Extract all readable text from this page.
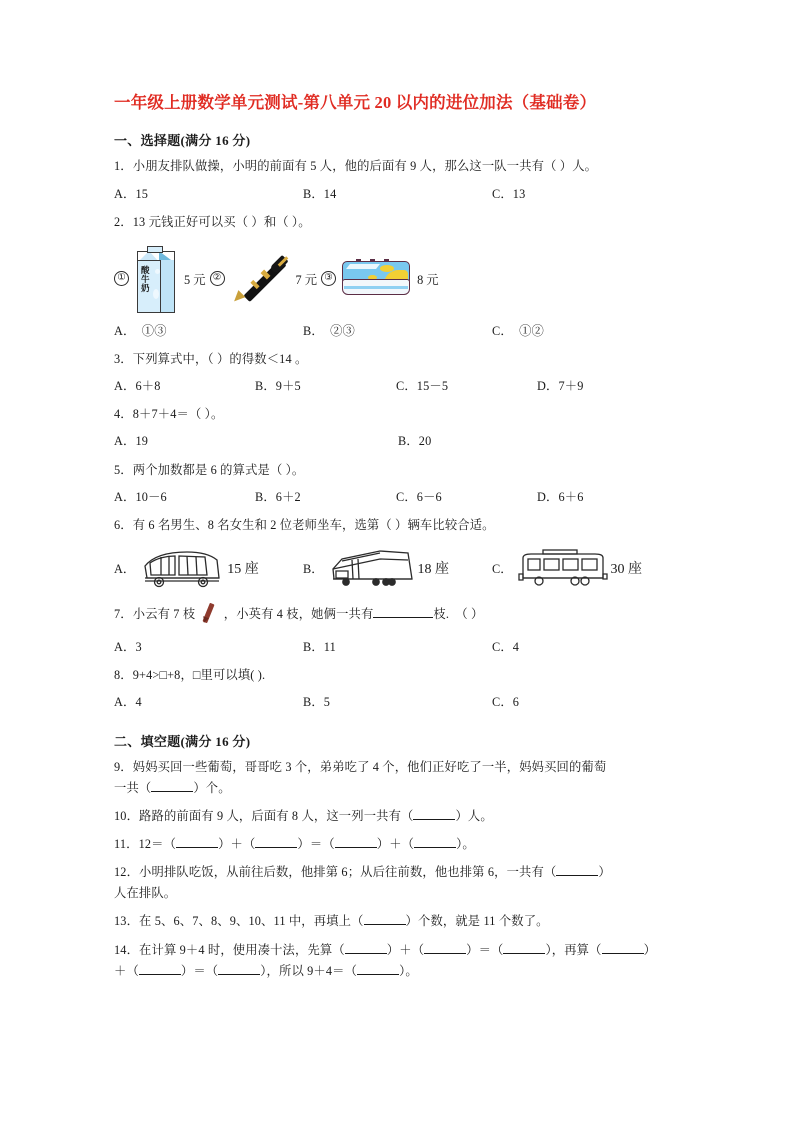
一年级上册数学单元测试-第八单元 20 以内的进位加法（基础卷）
一、选择题(满分 16 分)
1．小朋友排队做操，小明的前面有 5 人，他的后面有 9 人，那么这一队一共有（ ）人。
A．15	B．14	C．13
2．13 元钱正好可以买（ ）和（ ）。
①
酸牛奶
5 元 ②	7 元 ③	8 元
A．　①③	B．　②③	C．　①②
3．下列算式中，（ ）的得数＜14 。
A．6＋8	B．9＋5	C．15－5	D．7＋9
4．8＋7＋4＝（ ）。
A．19	B．20
5．两个加数都是 6 的算式是（ ）。
A．10－6	B．6＋2	C．6－6	D．6＋6
6．有 6 名男生、8 名女生和 2 位老师坐车，选第（ ）辆车比较合适。
A．	15 座	B．	18 座	C．	30 座
7．小云有 7 枝 ，小英有 4 枝，她俩一共有	枝.　（ ）
A．3	B．11	C．4
8．9+4>□+8，□里可以填( ).
A．4	B．5	C．6
二、填空题(满分 16 分)
9．妈妈买回一些葡萄，哥哥吃 3 个，弟弟吃了 4 个，他们正好吃了一半，妈妈买回的葡萄
一共（	）个。
10．路路的前面有 9 人，后面有 8 人，这一列一共有（	）人。
11．12＝（	）＋（	）＝（	）＋（	）。
12．小明排队吃饭，从前往后数，他排第 6；从后往前数，他也排第 6，一共有（	）
人在排队。
13．在 5、6、7、8、9、10、11 中，再填上（	）个数，就是 11 个数了。
14．在计算 9＋4 时，使用凑十法，先算（	）＋（	）＝（	），再算（	）
＋（	）＝（	），所以 9＋4＝（	）。
